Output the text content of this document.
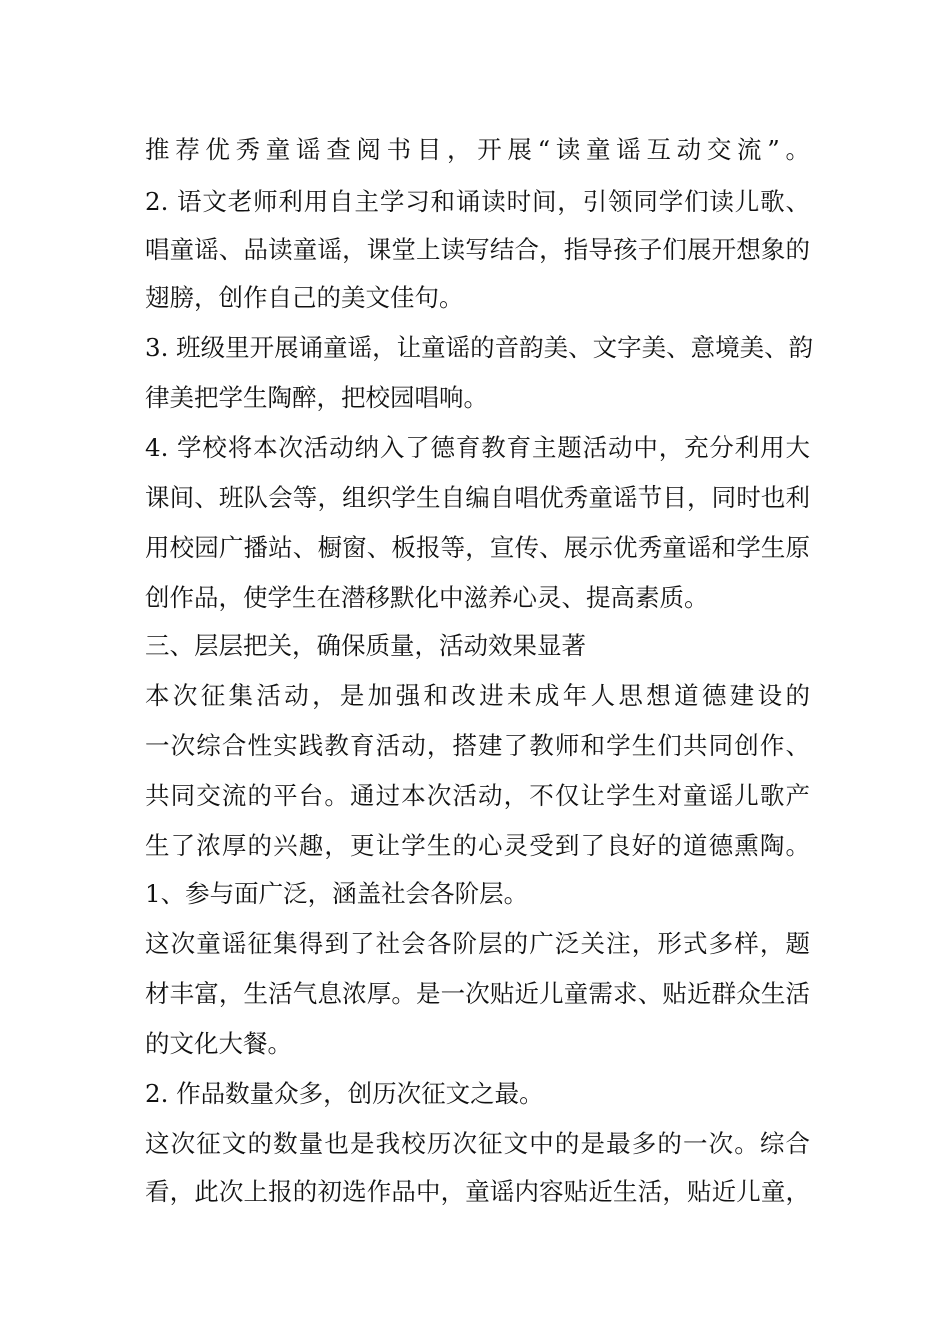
推荐优秀童谣查阅书目，开展“读童谣互动交流”。
2. 语文老师利用自主学习和诵读时间，引领同学们读儿歌、
唱童谣、品读童谣，课堂上读写结合，指导孩子们展开想象的
翅膀，创作自己的美文佳句。
3. 班级里开展诵童谣，让童谣的音韵美、文字美、意境美、韵
律美把学生陶醉，把校园唱响。
4. 学校将本次活动纳入了德育教育主题活动中，充分利用大
课间、班队会等，组织学生自编自唱优秀童谣节目，同时也利
用校园广播站、橱窗、板报等，宣传、展示优秀童谣和学生原
创作品，使学生在潜移默化中滋养心灵、提高素质。
三、层层把关，确保质量，活动效果显著
本次征集活动，是加强和改进未成年人思想道德建设的
一次综合性实践教育活动，搭建了教师和学生们共同创作、
共同交流的平台。通过本次活动，不仅让学生对童谣儿歌产
生了浓厚的兴趣，更让学生的心灵受到了良好的道德熏陶。
1、参与面广泛，涵盖社会各阶层。
这次童谣征集得到了社会各阶层的广泛关注，形式多样，题
材丰富，生活气息浓厚。是一次贴近儿童需求、贴近群众生活
的文化大餐。
2. 作品数量众多，创历次征文之最。
这次征文的数量也是我校历次征文中的是最多的一次。综合
看，此次上报的初选作品中，童谣内容贴近生活，贴近儿童，
